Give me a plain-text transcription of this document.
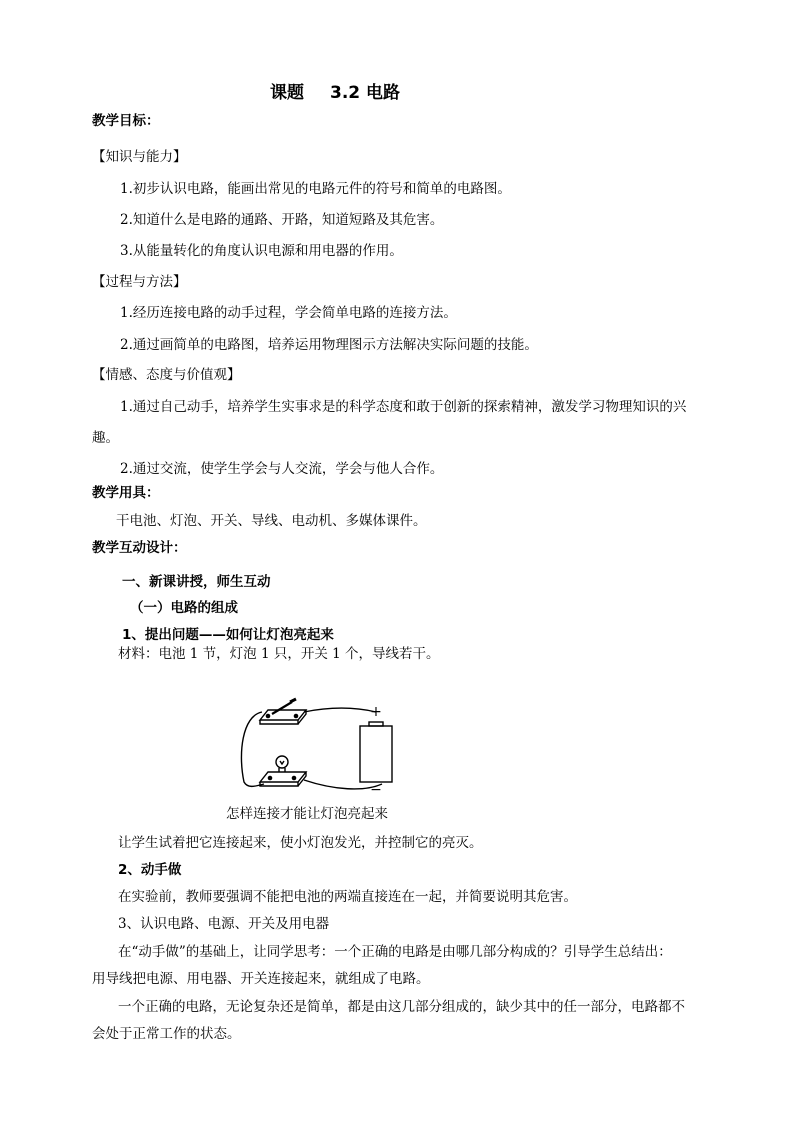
课题 3.2 电路
教学目标：
【知识与能力】
1.初步认识电路，能画出常见的电路元件的符号和简单的电路图。
2.知道什么是电路的通路、开路，知道短路及其危害。
3.从能量转化的角度认识电源和用电器的作用。
【过程与方法】
1.经历连接电路的动手过程，学会简单电路的连接方法。
2.通过画简单的电路图，培养运用物理图示方法解决实际问题的技能。
【情感、态度与价值观】
1.通过自己动手，培养学生实事求是的科学态度和敢于创新的探索精神，激发学习物理知识的兴
趣。
2.通过交流，使学生学会与人交流，学会与他人合作。
教学用具：
干电池、灯泡、开关、导线、电动机、多媒体课件。
教学互动设计：
一、新课讲授，师生互动
（一）电路的组成
1、提出问题——如何让灯泡亮起来
材料：电池 1 节，灯泡 1 只，开关 1 个，导线若干。
+
−
怎样连接才能让灯泡亮起来
让学生试着把它连接起来，使小灯泡发光，并控制它的亮灭。
2、动手做
在实验前，教师要强调不能把电池的两端直接连在一起，并简要说明其危害。
3、认识电路、电源、开关及用电器
在“动手做”的基础上，让同学思考：一个正确的电路是由哪几部分构成的？引导学生总结出：
用导线把电源、用电器、开关连接起来，就组成了电路。
一个正确的电路，无论复杂还是简单，都是由这几部分组成的，缺少其中的任一部分，电路都不
会处于正常工作的状态。
